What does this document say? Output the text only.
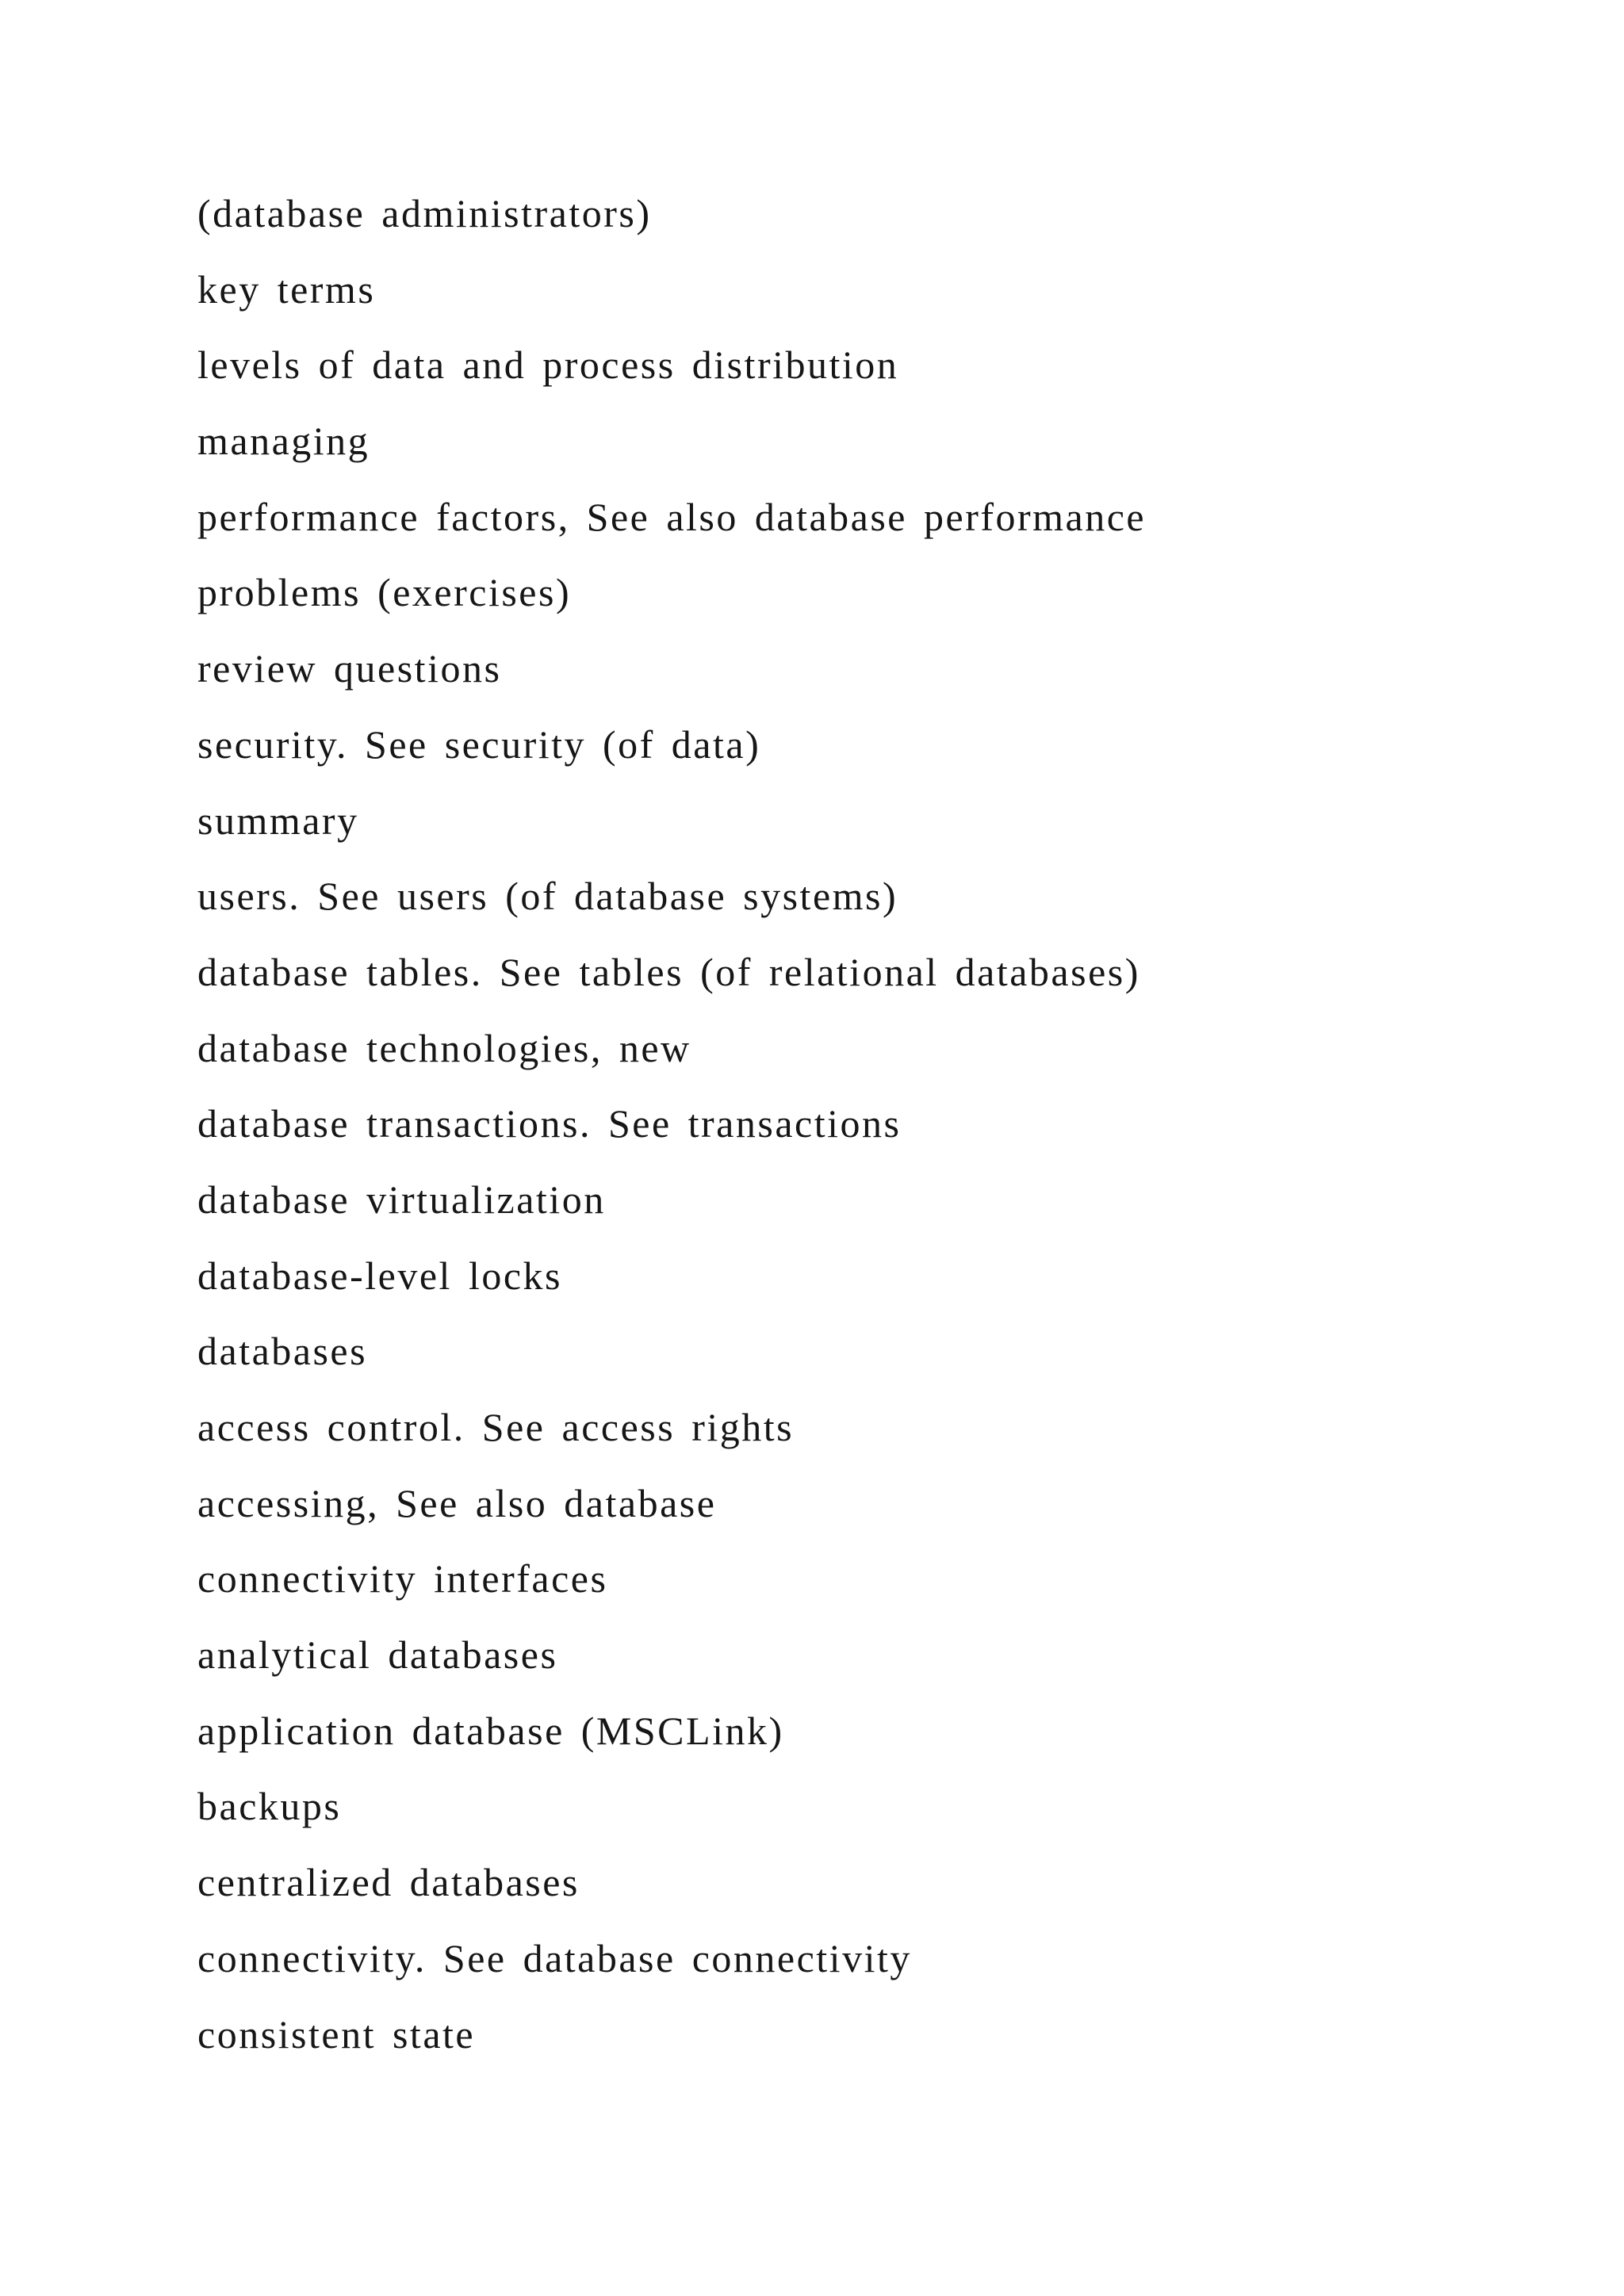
(database administrators)
key terms
levels of data and process distribution
managing
performance factors, See also database performance
problems (exercises)
review questions
security. See security (of data)
summary
users. See users (of database systems)
database tables. See tables (of relational databases)
database technologies, new
database transactions. See transactions
database virtualization
database-level locks
databases
access control. See access rights
accessing, See also database
connectivity interfaces
analytical databases
application database (MSCLink)
backups
centralized databases
connectivity. See database connectivity
consistent state
